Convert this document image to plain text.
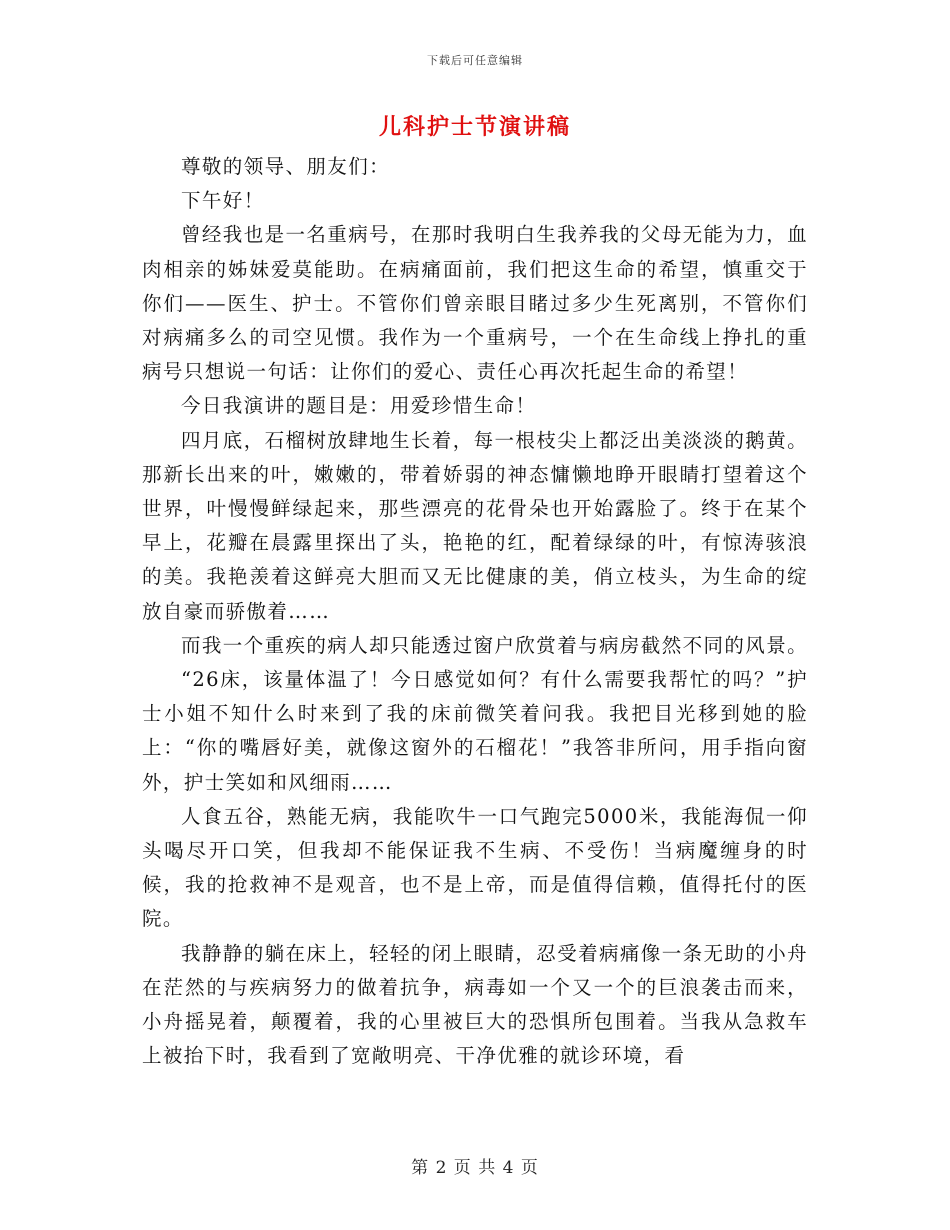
下载后可任意编辑
儿科护士节演讲稿

尊敬的领导、朋友们：

下午好！

曾经我也是一名重病号，在那时我明白生我养我的父母无能为力，血肉相亲的姊妹爱莫能助。在病痛面前，我们把这生命的希望，慎重交于你们——医生、护士。不管你们曾亲眼目睹过多少生死离别，不管你们对病痛多么的司空见惯。我作为一个重病号，一个在生命线上挣扎的重病号只想说一句话：让你们的爱心、责任心再次托起生命的希望！

今日我演讲的题目是：用爱珍惜生命！

四月底，石榴树放肆地生长着，每一根枝尖上都泛出美淡淡的鹅黄。那新长出来的叶，嫩嫩的，带着娇弱的神态慵懒地睁开眼睛打望着这个世界，叶慢慢鲜绿起来，那些漂亮的花骨朵也开始露脸了。终于在某个早上，花瓣在晨露里探出了头，艳艳的红，配着绿绿的叶，有惊涛骇浪的美。我艳羡着这鲜亮大胆而又无比健康的美，俏立枝头，为生命的绽放自豪而骄傲着……

而我一个重疾的病人却只能透过窗户欣赏着与病房截然不同的风景。

“26床，该量体温了！今日感觉如何？有什么需要我帮忙的吗？”护士小姐不知什么时来到了我的床前微笑着问我。我把目光移到她的脸上：“你的嘴唇好美，就像这窗外的石榴花！”我答非所问，用手指向窗外，护士笑如和风细雨……

人食五谷，熟能无病，我能吹牛一口气跑完5000米，我能海侃一仰头喝尽开口笑，但我却不能保证我不生病、不受伤！当病魔缠身的时候，我的抢救神不是观音，也不是上帝，而是值得信赖，值得托付的医院。

我静静的躺在床上，轻轻的闭上眼睛，忍受着病痛像一条无助的小舟在茫然的与疾病努力的做着抗争，病毒如一个又一个的巨浪袭击而来，小舟摇晃着，颠覆着，我的心里被巨大的恐惧所包围着。当我从急救车上被抬下时，我看到了宽敞明亮、干净优雅的就诊环境，看

第 2 页 共 4 页
